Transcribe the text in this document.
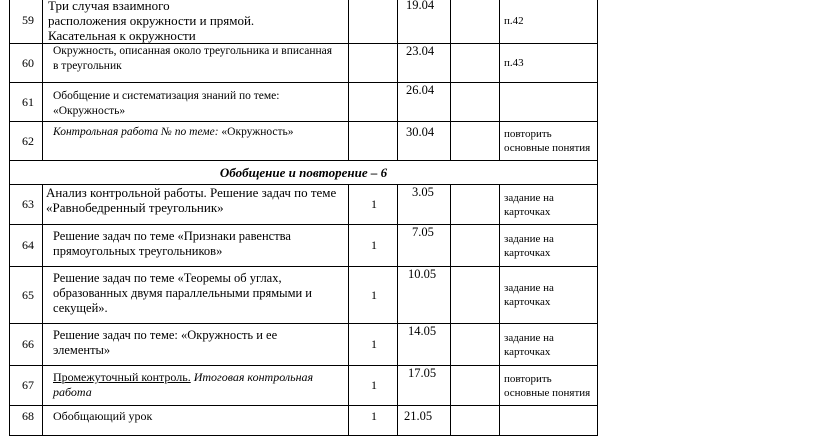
59	Три случая взаимного
расположения окружности и прямой.
Касательная к окружности		19.04		п.42
60	Окружность, описанная около треугольника и вписанная
в треугольник		23.04		п.43
61	Обобщение и систематизация знаний по теме:
«Окружность»		26.04		
62	Контрольная работа № по теме: «Окружность»		30.04		повторить
основные понятия

Обобщение и повторение – 6					
63	Анализ контрольной работы. Решение задач по теме
«Равнобедренный треугольник»	1	3.05		задание на
карточках

64	Решение задач по теме «Признаки равенства
прямоугольных треугольников»	1	7.05		задание на
карточках

65	Решение задач по теме «Теоремы об углах,
образованных двумя параллельными прямыми и
секущей».	1	10.05		задание на
карточках

66	Решение задач по теме: «Окружность и ее
элементы»	1	14.05		задание на
карточках

67	Промежуточный контроль. Итоговая контрольная
работа	1	17.05		повторить
основные понятия

68	Обобщающий урок	1	21.05		
